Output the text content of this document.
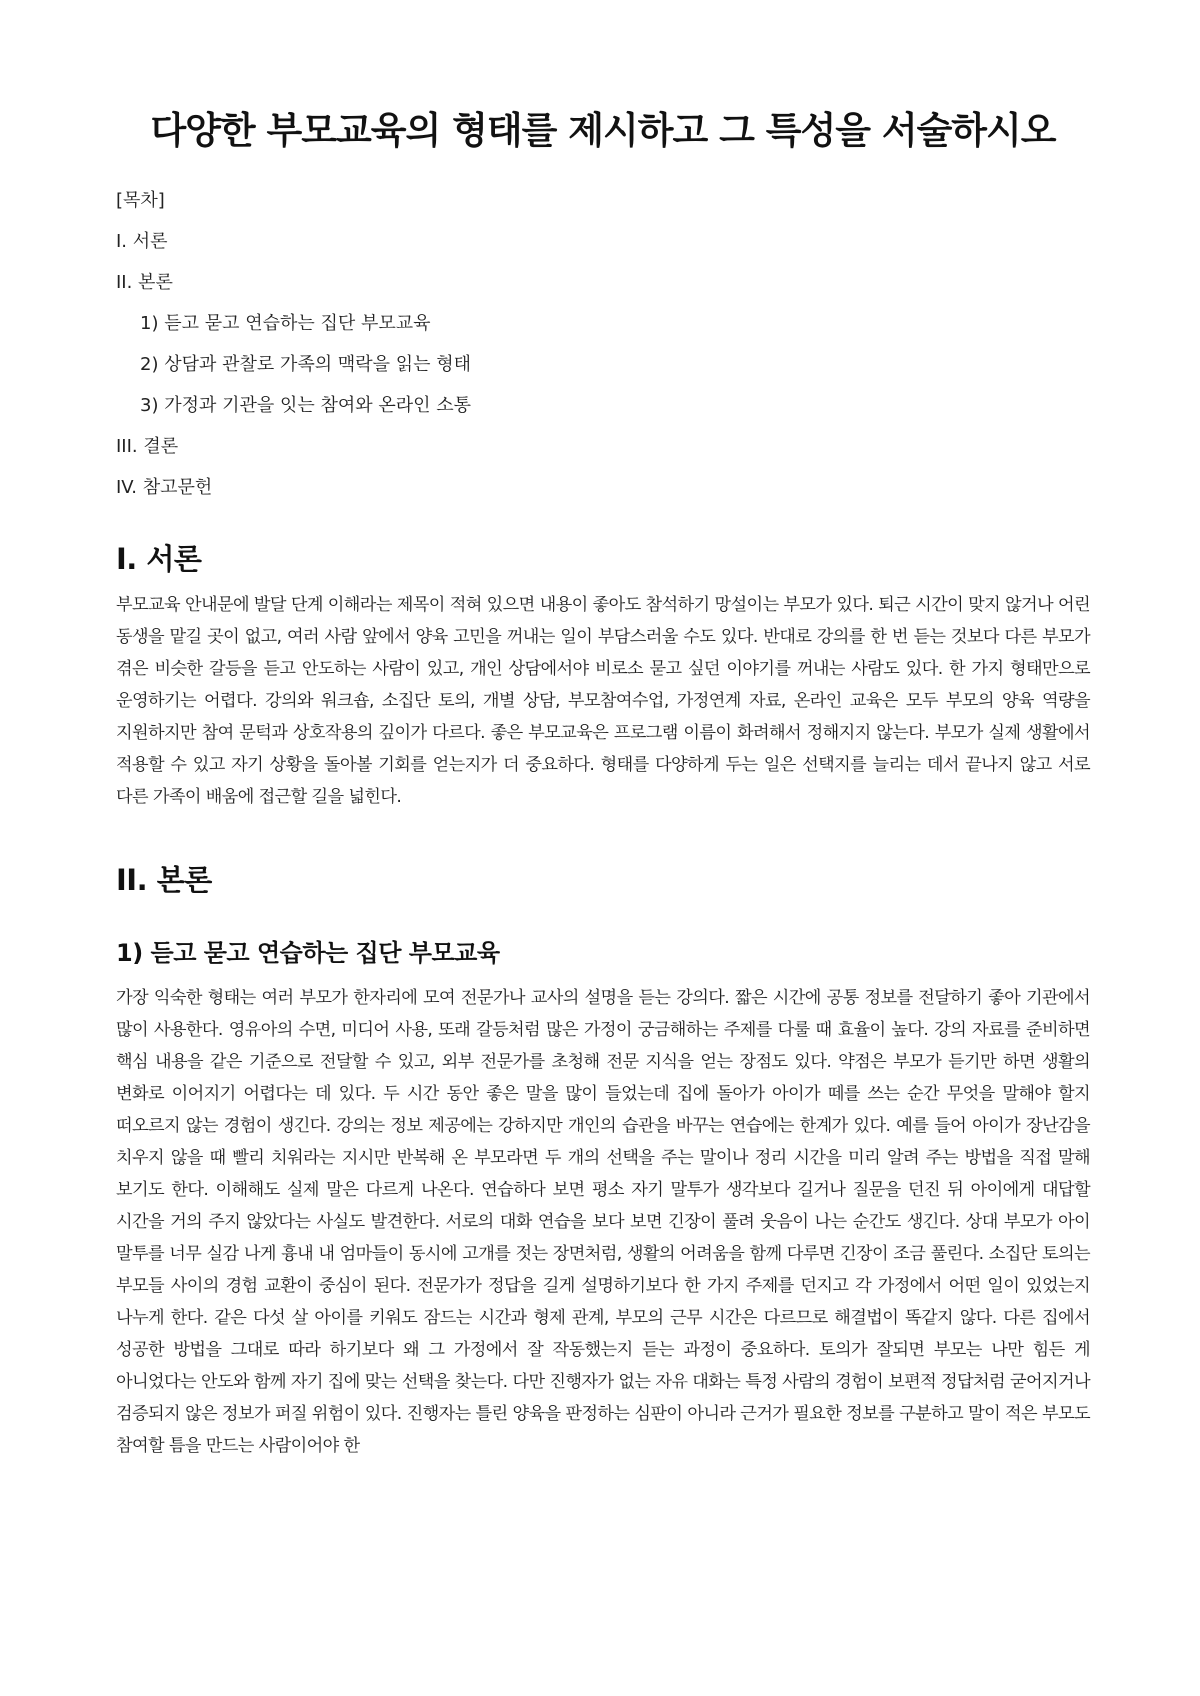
다양한 부모교육의 형태를 제시하고 그 특성을 서술하시오
[목차]
I. 서론
II. 본론
1) 듣고 묻고 연습하는 집단 부모교육
2) 상담과 관찰로 가족의 맥락을 읽는 형태
3) 가정과 기관을 잇는 참여와 온라인 소통
III. 결론
IV. 참고문헌
I. 서론

부모교육 안내문에 발달 단계 이해라는 제목이 적혀 있으면 내용이 좋아도 참석하기 망설이는 부모가 있다. 퇴근 시간이 맞지 않거나 어린 동생을 맡길 곳이 없고, 여러 사람 앞에서 양육 고민을 꺼내는 일이 부담스러울 수도 있다. 반대로 강의를 한 번 듣는 것보다 다른 부모가 겪은 비슷한 갈등을 듣고 안도하는 사람이 있고, 개인 상담에서야 비로소 묻고 싶던 이야기를 꺼내는 사람도 있다. 한 가지 형태만으로 운영하기는 어렵다. 강의와 워크숍, 소집단 토의, 개별 상담, 부모참여수업, 가정연계 자료, 온라인 교육은 모두 부모의 양육 역량을 지원하지만 참여 문턱과 상호작용의 깊이가 다르다. 좋은 부모교육은 프로그램 이름이 화려해서 정해지지 않는다. 부모가 실제 생활에서 적용할 수 있고 자기 상황을 돌아볼 기회를 얻는지가 더 중요하다. 형태를 다양하게 두는 일은 선택지를 늘리는 데서 끝나지 않고 서로 다른 가족이 배움에 접근할 길을 넓힌다.

II. 본론
1) 듣고 묻고 연습하는 집단 부모교육

가장 익숙한 형태는 여러 부모가 한자리에 모여 전문가나 교사의 설명을 듣는 강의다. 짧은 시간에 공통 정보를 전달하기 좋아 기관에서 많이 사용한다. 영유아의 수면, 미디어 사용, 또래 갈등처럼 많은 가정이 궁금해하는 주제를 다룰 때 효율이 높다. 강의 자료를 준비하면 핵심 내용을 같은 기준으로 전달할 수 있고, 외부 전문가를 초청해 전문 지식을 얻는 장점도 있다. 약점은 부모가 듣기만 하면 생활의 변화로 이어지기 어렵다는 데 있다. 두 시간 동안 좋은 말을 많이 들었는데 집에 돌아가 아이가 떼를 쓰는 순간 무엇을 말해야 할지 떠오르지 않는 경험이 생긴다. 강의는 정보 제공에는 강하지만 개인의 습관을 바꾸는 연습에는 한계가 있다. 예를 들어 아이가 장난감을 치우지 않을 때 빨리 치워라는 지시만 반복해 온 부모라면 두 개의 선택을 주는 말이나 정리 시간을 미리 알려 주는 방법을 직접 말해 보기도 한다. 이해해도 실제 말은 다르게 나온다. 연습하다 보면 평소 자기 말투가 생각보다 길거나 질문을 던진 뒤 아이에게 대답할 시간을 거의 주지 않았다는 사실도 발견한다. 서로의 대화 연습을 보다 보면 긴장이 풀려 웃음이 나는 순간도 생긴다. 상대 부모가 아이 말투를 너무 실감 나게 흉내 내 엄마들이 동시에 고개를 젓는 장면처럼, 생활의 어려움을 함께 다루면 긴장이 조금 풀린다. 소집단 토의는 부모들 사이의 경험 교환이 중심이 된다. 전문가가 정답을 길게 설명하기보다 한 가지 주제를 던지고 각 가정에서 어떤 일이 있었는지 나누게 한다. 같은 다섯 살 아이를 키워도 잠드는 시간과 형제 관계, 부모의 근무 시간은 다르므로 해결법이 똑같지 않다. 다른 집에서 성공한 방법을 그대로 따라 하기보다 왜 그 가정에서 잘 작동했는지 듣는 과정이 중요하다. 토의가 잘되면 부모는 나만 힘든 게 아니었다는 안도와 함께 자기 집에 맞는 선택을 찾는다. 다만 진행자가 없는 자유 대화는 특정 사람의 경험이 보편적 정답처럼 굳어지거나 검증되지 않은 정보가 퍼질 위험이 있다. 진행자는 틀린 양육을 판정하는 심판이 아니라 근거가 필요한 정보를 구분하고 말이 적은 부모도 참여할 틈을 만드는 사람이어야 한
